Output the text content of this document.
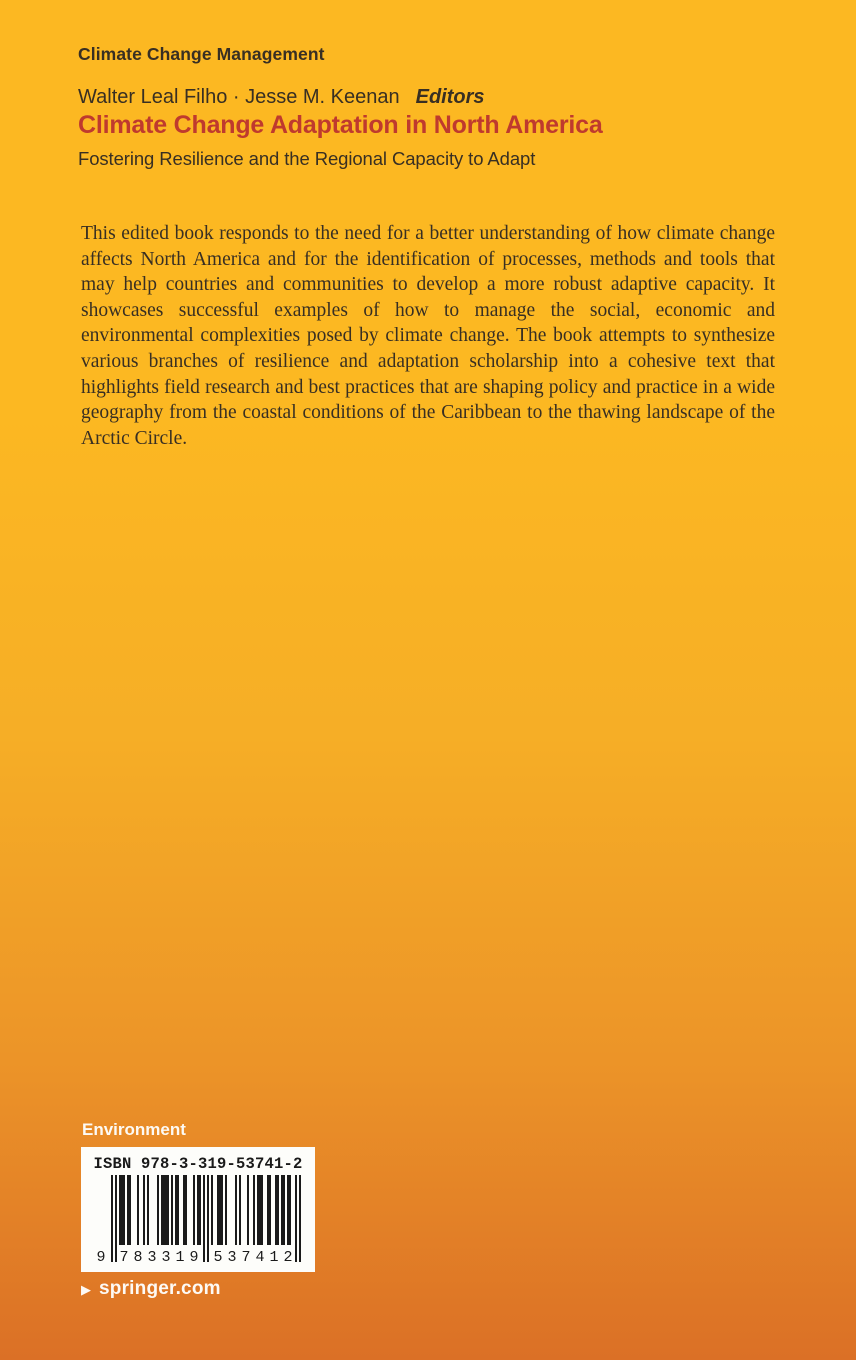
Climate Change Management
Walter Leal Filho · Jesse M. Keenan Editors
Climate Change Adaptation in North America
Fostering Resilience and the Regional Capacity to Adapt
This edited book responds to the need for a better understanding of how climate change affects North America and for the identification of processes, methods and tools that may help countries and communities to develop a more robust adaptive capacity. It showcases successful examples of how to manage the social, economic and environmental complexities posed by climate change. The book attempts to synthesize various branches of resilience and adaptation scholarship into a cohesive text that highlights field research and best practices that are shaping policy and practice in a wide geography from the coastal conditions of the Caribbean to the thawing landscape of the Arctic Circle.
Environment
ISBN 978-3-319-53741-2
9 7 8 3 3 1 9 5 3 7 4 1 2
▶ springer.com
